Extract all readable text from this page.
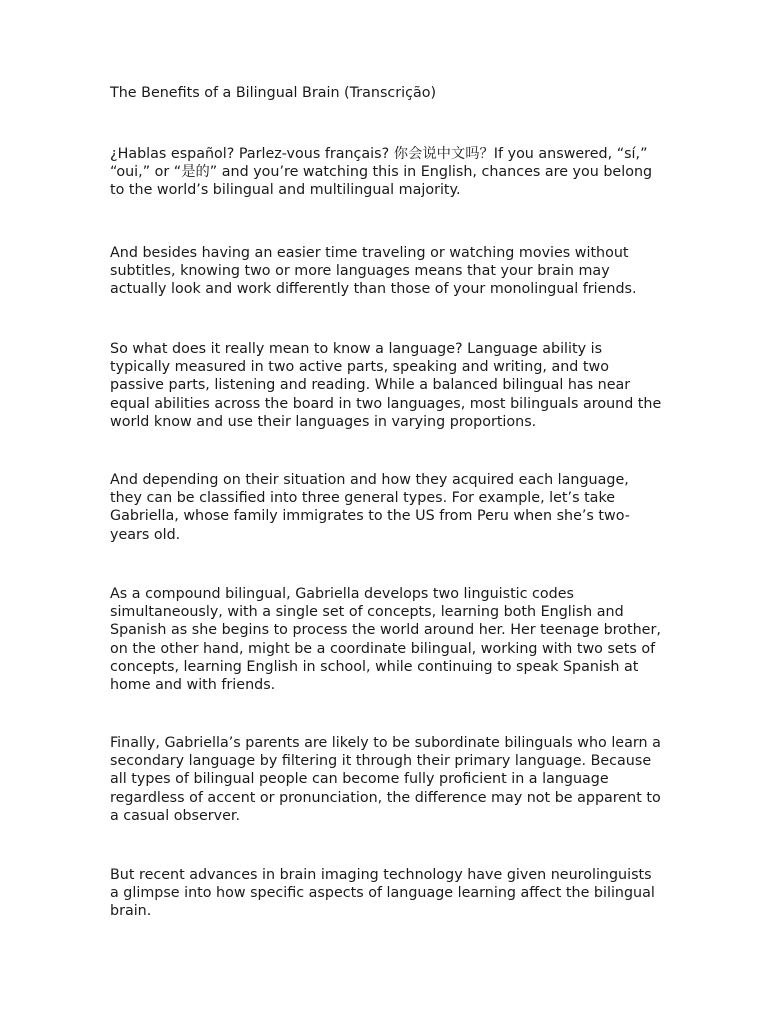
The Benefits of a Bilingual Brain (Transcrição)
¿Hablas español? Parlez-vous français? 你会说中文吗？If you answered, “sí,”
“oui,” or “是的” and you’re watching this in English, chances are you belong
to the world’s bilingual and multilingual majority.
And besides having an easier time traveling or watching movies without
subtitles, knowing two or more languages means that your brain may
actually look and work differently than those of your monolingual friends.
So what does it really mean to know a language? Language ability is
typically measured in two active parts, speaking and writing, and two
passive parts, listening and reading. While a balanced bilingual has near
equal abilities across the board in two languages, most bilinguals around the
world know and use their languages in varying proportions.
And depending on their situation and how they acquired each language,
they can be classified into three general types. For example, let’s take
Gabriella, whose family immigrates to the US from Peru when she’s two-
years old.
As a compound bilingual, Gabriella develops two linguistic codes
simultaneously, with a single set of concepts, learning both English and
Spanish as she begins to process the world around her. Her teenage brother,
on the other hand, might be a coordinate bilingual, working with two sets of
concepts, learning English in school, while continuing to speak Spanish at
home and with friends.
Finally, Gabriella’s parents are likely to be subordinate bilinguals who learn a
secondary language by filtering it through their primary language. Because
all types of bilingual people can become fully proficient in a language
regardless of accent or pronunciation, the difference may not be apparent to
a casual observer.
But recent advances in brain imaging technology have given neurolinguists
a glimpse into how specific aspects of language learning affect the bilingual
brain.
